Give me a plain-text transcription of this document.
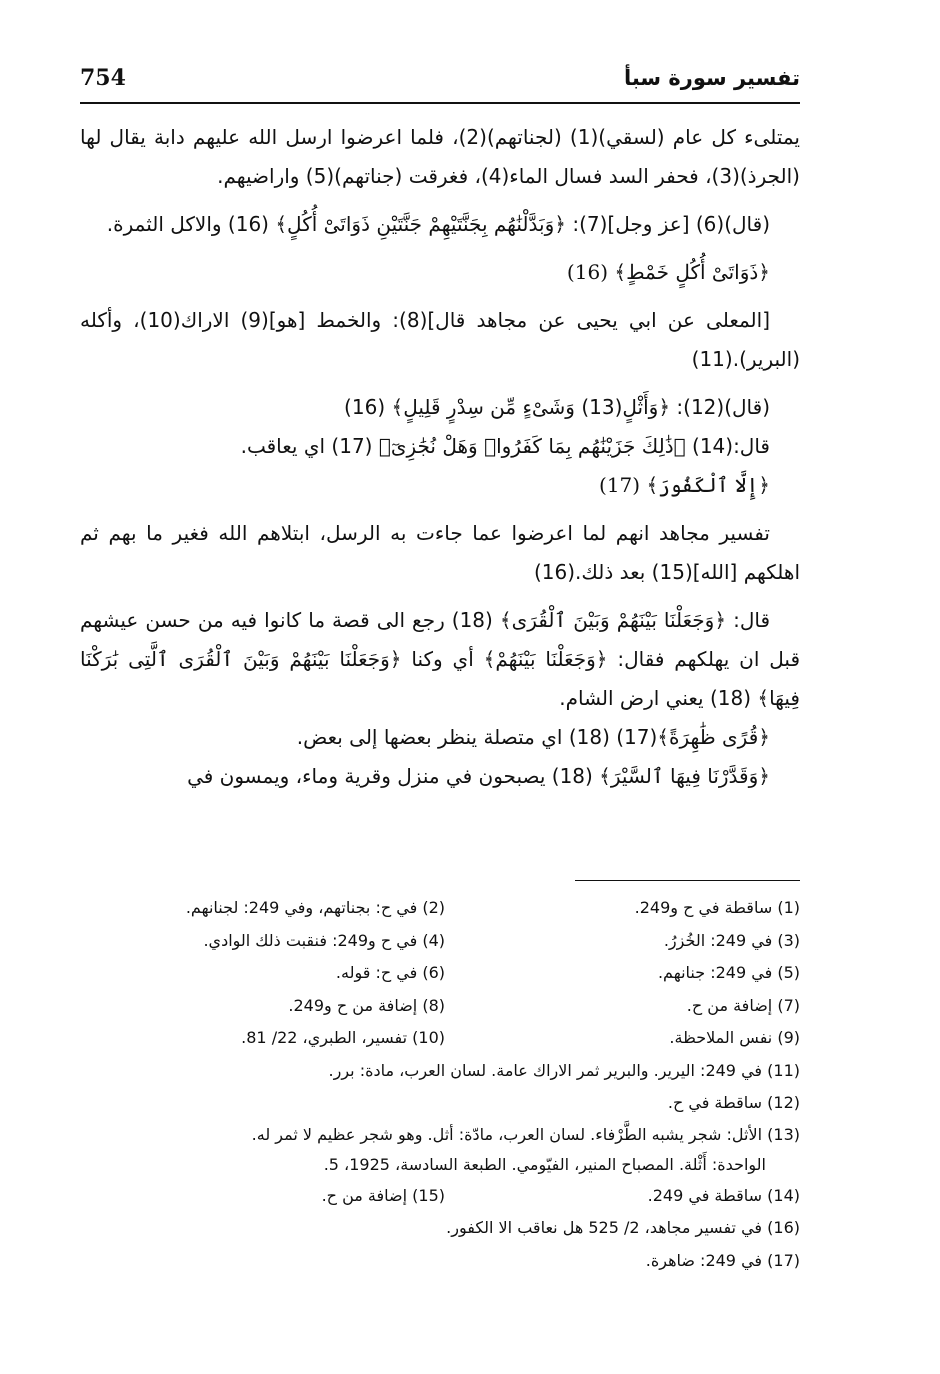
754	تفسير سورة سبأ

يمتلىء كل عام (لسقي)(1) (لجناتهم)(2)، فلما اعرضوا ارسل الله عليهم دابة يقال لها (الجرذ)(3)، فحفر السد فسال الماء(4)، فغرقت (جناتهم)(5) واراضيهم.

(قال)(6) [عز وجل](7): ﴿وَبَدَّلْنَٰهُم بِجَنَّتَيْهِمْ جَنَّتَيْنِ ذَوَاتَىْ أُكُلٍ﴾ (16) والاكل الثمرة.

﴿ذَوَاتَىْ أُكُلٍ خَمْطٍ﴾ (16)

[المعلى عن ابي يحيى عن مجاهد قال](8): والخمط [هو](9) الاراك(10)، وأكله (البرير).(11)

(قال)(12): ﴿وَأَثْلٍ(13) وَشَىْءٍ مِّن سِدْرٍ قَلِيلٍ﴾ (16)

قال:(14) ﴿ذَٰلِكَ جَزَيْنَٰهُم بِمَا كَفَرُوا۟ وَهَلْ نُجَٰزِىٓ﴾ (17) اي يعاقب.

﴿إِلَّا ٱلْكَفُورَ﴾ (17)

تفسير مجاهد انهم لما اعرضوا عما جاءت به الرسل، ابتلاهم الله فغير ما بهم ثم اهلكهم [الله](15) بعد ذلك.(16)

قال: ﴿وَجَعَلْنَا بَيْنَهُمْ وَبَيْنَ ٱلْقُرَى﴾ (18) رجع الى قصة ما كانوا فيه من حسن عيشهم قبل ان يهلكهم فقال: ﴿وَجَعَلْنَا بَيْنَهُمْ﴾ أي وكنا ﴿وَجَعَلْنَا بَيْنَهُمْ وَبَيْنَ ٱلْقُرَى ٱلَّتِى بَٰرَكْنَا فِيهَا﴾ (18) يعني ارض الشام.

﴿قُرًى ظَٰهِرَةً﴾(17) (18) اي متصلة ينظر بعضها إلى بعض.

﴿وَقَدَّرْنَا فِيهَا ٱلسَّيْرَ﴾ (18) يصبحون في منزل وقرية وماء، ويمسون في

(1) ساقطة في ح و249.
(2) في ح: بجناتهم، وفي 249: لجنانهم.
(3) في 249: الخُزرُ.
(4) في ح و249: فنقبت ذلك الوادي.
(5) في 249: جنانهم.
(6) في ح: قوله.
(7) إضافة من ح.
(8) إضافة من ح و249.
(9) نفس الملاحظة.
(10) تفسير، الطبري، 22/ 81.
(11) في 249: اليرير. والبرير ثمر الاراك عامة. لسان العرب، مادة: برر.
(12) ساقطة في ح.
(13) الأثل: شجر يشبه الطَّرْفاء. لسان العرب، مادّة: أثل. وهو شجر عظيم لا ثمر له.
الواحدة: أَثْلة. المصباح المنير، الفيّومي. الطبعة السادسة، 1925، 5.
(14) ساقطة في 249.
(15) إضافة من ح.
(16) في تفسير مجاهد، 2/ 525 هل نعاقب الا الكفور.
(17) في 249: ضاهرة.
